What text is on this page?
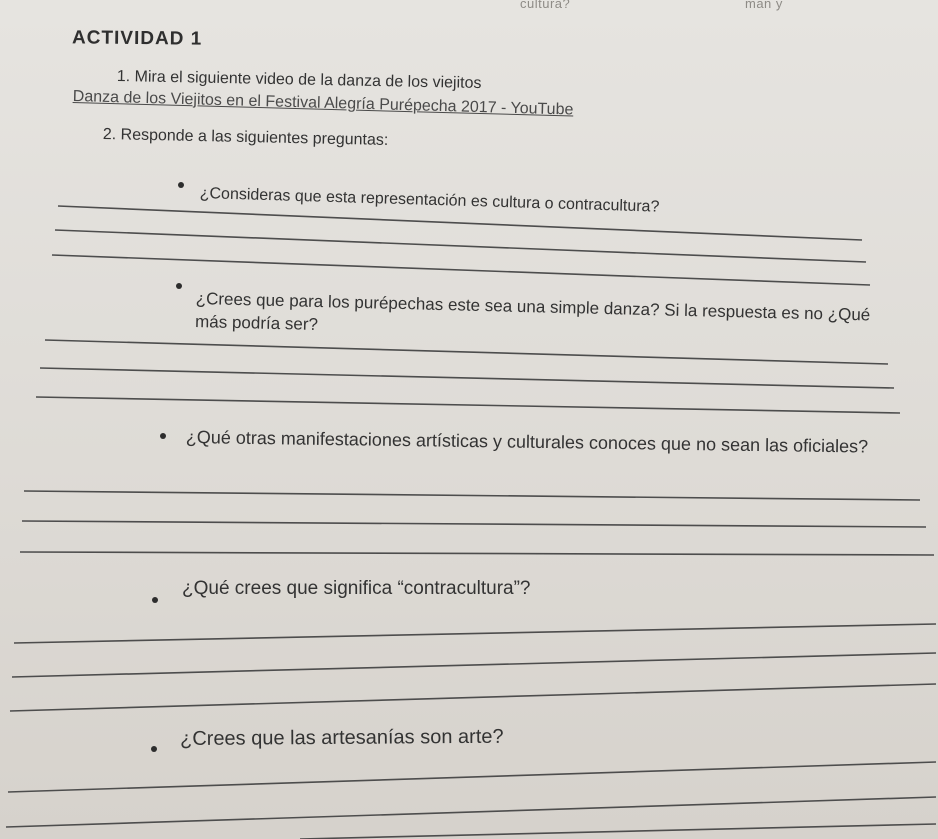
cultura?	man y
ACTIVIDAD 1
1. Mira el siguiente video de la danza de los viejitos
Danza de los Viejitos en el Festival Alegría Purépecha 2017 - YouTube
2. Responde a las siguientes preguntas:
¿Consideras que esta representación es cultura o contracultura?
¿Crees que para los purépechas este sea una simple danza? Si la respuesta es no ¿Qué más podría ser?
¿Qué otras manifestaciones artísticas y culturales conoces que no sean las oficiales?
¿Qué crees que significa “contracultura”?
¿Crees que las artesanías son arte?
